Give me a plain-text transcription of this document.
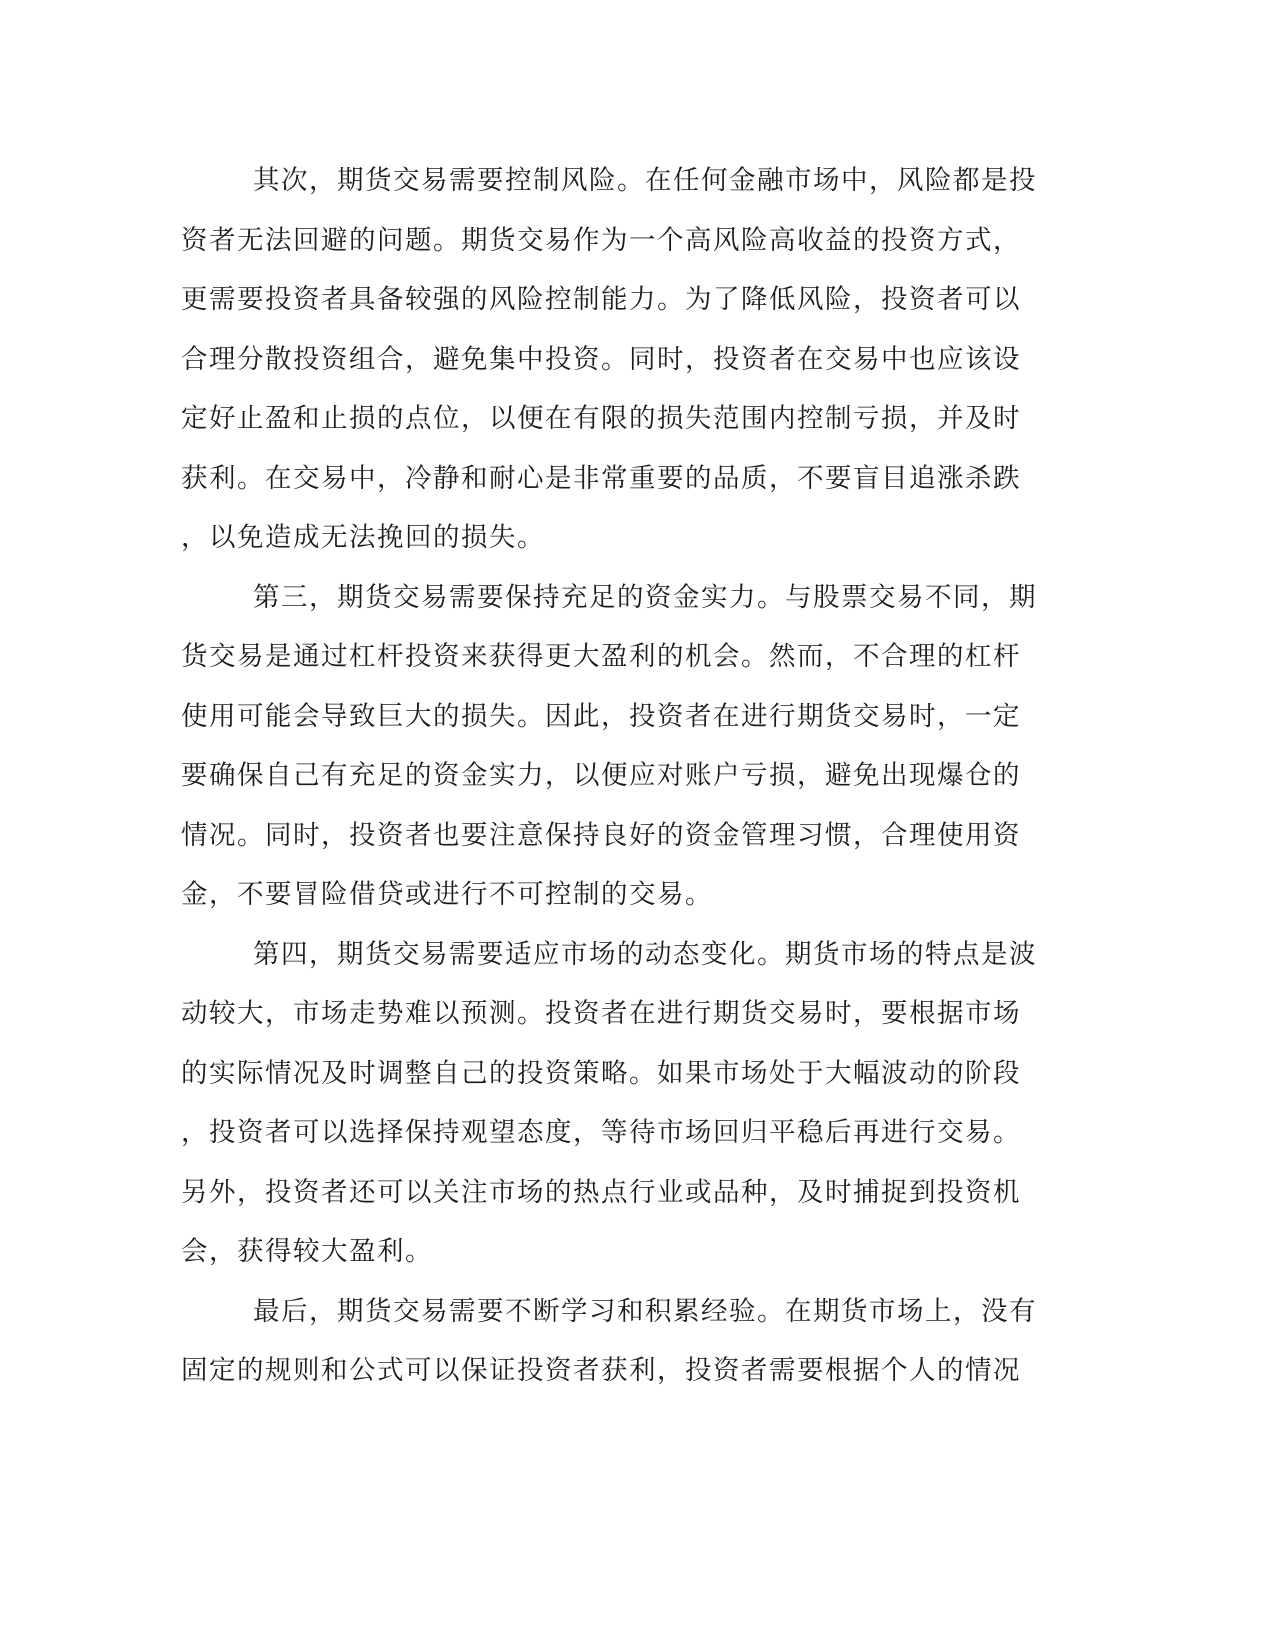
其次，期货交易需要控制风险。在任何金融市场中，风险都是投
资者无法回避的问题。期货交易作为一个高风险高收益的投资方式，
更需要投资者具备较强的风险控制能力。为了降低风险，投资者可以
合理分散投资组合，避免集中投资。同时，投资者在交易中也应该设
定好止盈和止损的点位，以便在有限的损失范围内控制亏损，并及时
获利。在交易中，冷静和耐心是非常重要的品质，不要盲目追涨杀跌
，以免造成无法挽回的损失。
第三，期货交易需要保持充足的资金实力。与股票交易不同，期
货交易是通过杠杆投资来获得更大盈利的机会。然而，不合理的杠杆
使用可能会导致巨大的损失。因此，投资者在进行期货交易时，一定
要确保自己有充足的资金实力，以便应对账户亏损，避免出现爆仓的
情况。同时，投资者也要注意保持良好的资金管理习惯，合理使用资
金，不要冒险借贷或进行不可控制的交易。
第四，期货交易需要适应市场的动态变化。期货市场的特点是波
动较大，市场走势难以预测。投资者在进行期货交易时，要根据市场
的实际情况及时调整自己的投资策略。如果市场处于大幅波动的阶段
，投资者可以选择保持观望态度，等待市场回归平稳后再进行交易。
另外，投资者还可以关注市场的热点行业或品种，及时捕捉到投资机
会，获得较大盈利。
最后，期货交易需要不断学习和积累经验。在期货市场上，没有
固定的规则和公式可以保证投资者获利，投资者需要根据个人的情况
